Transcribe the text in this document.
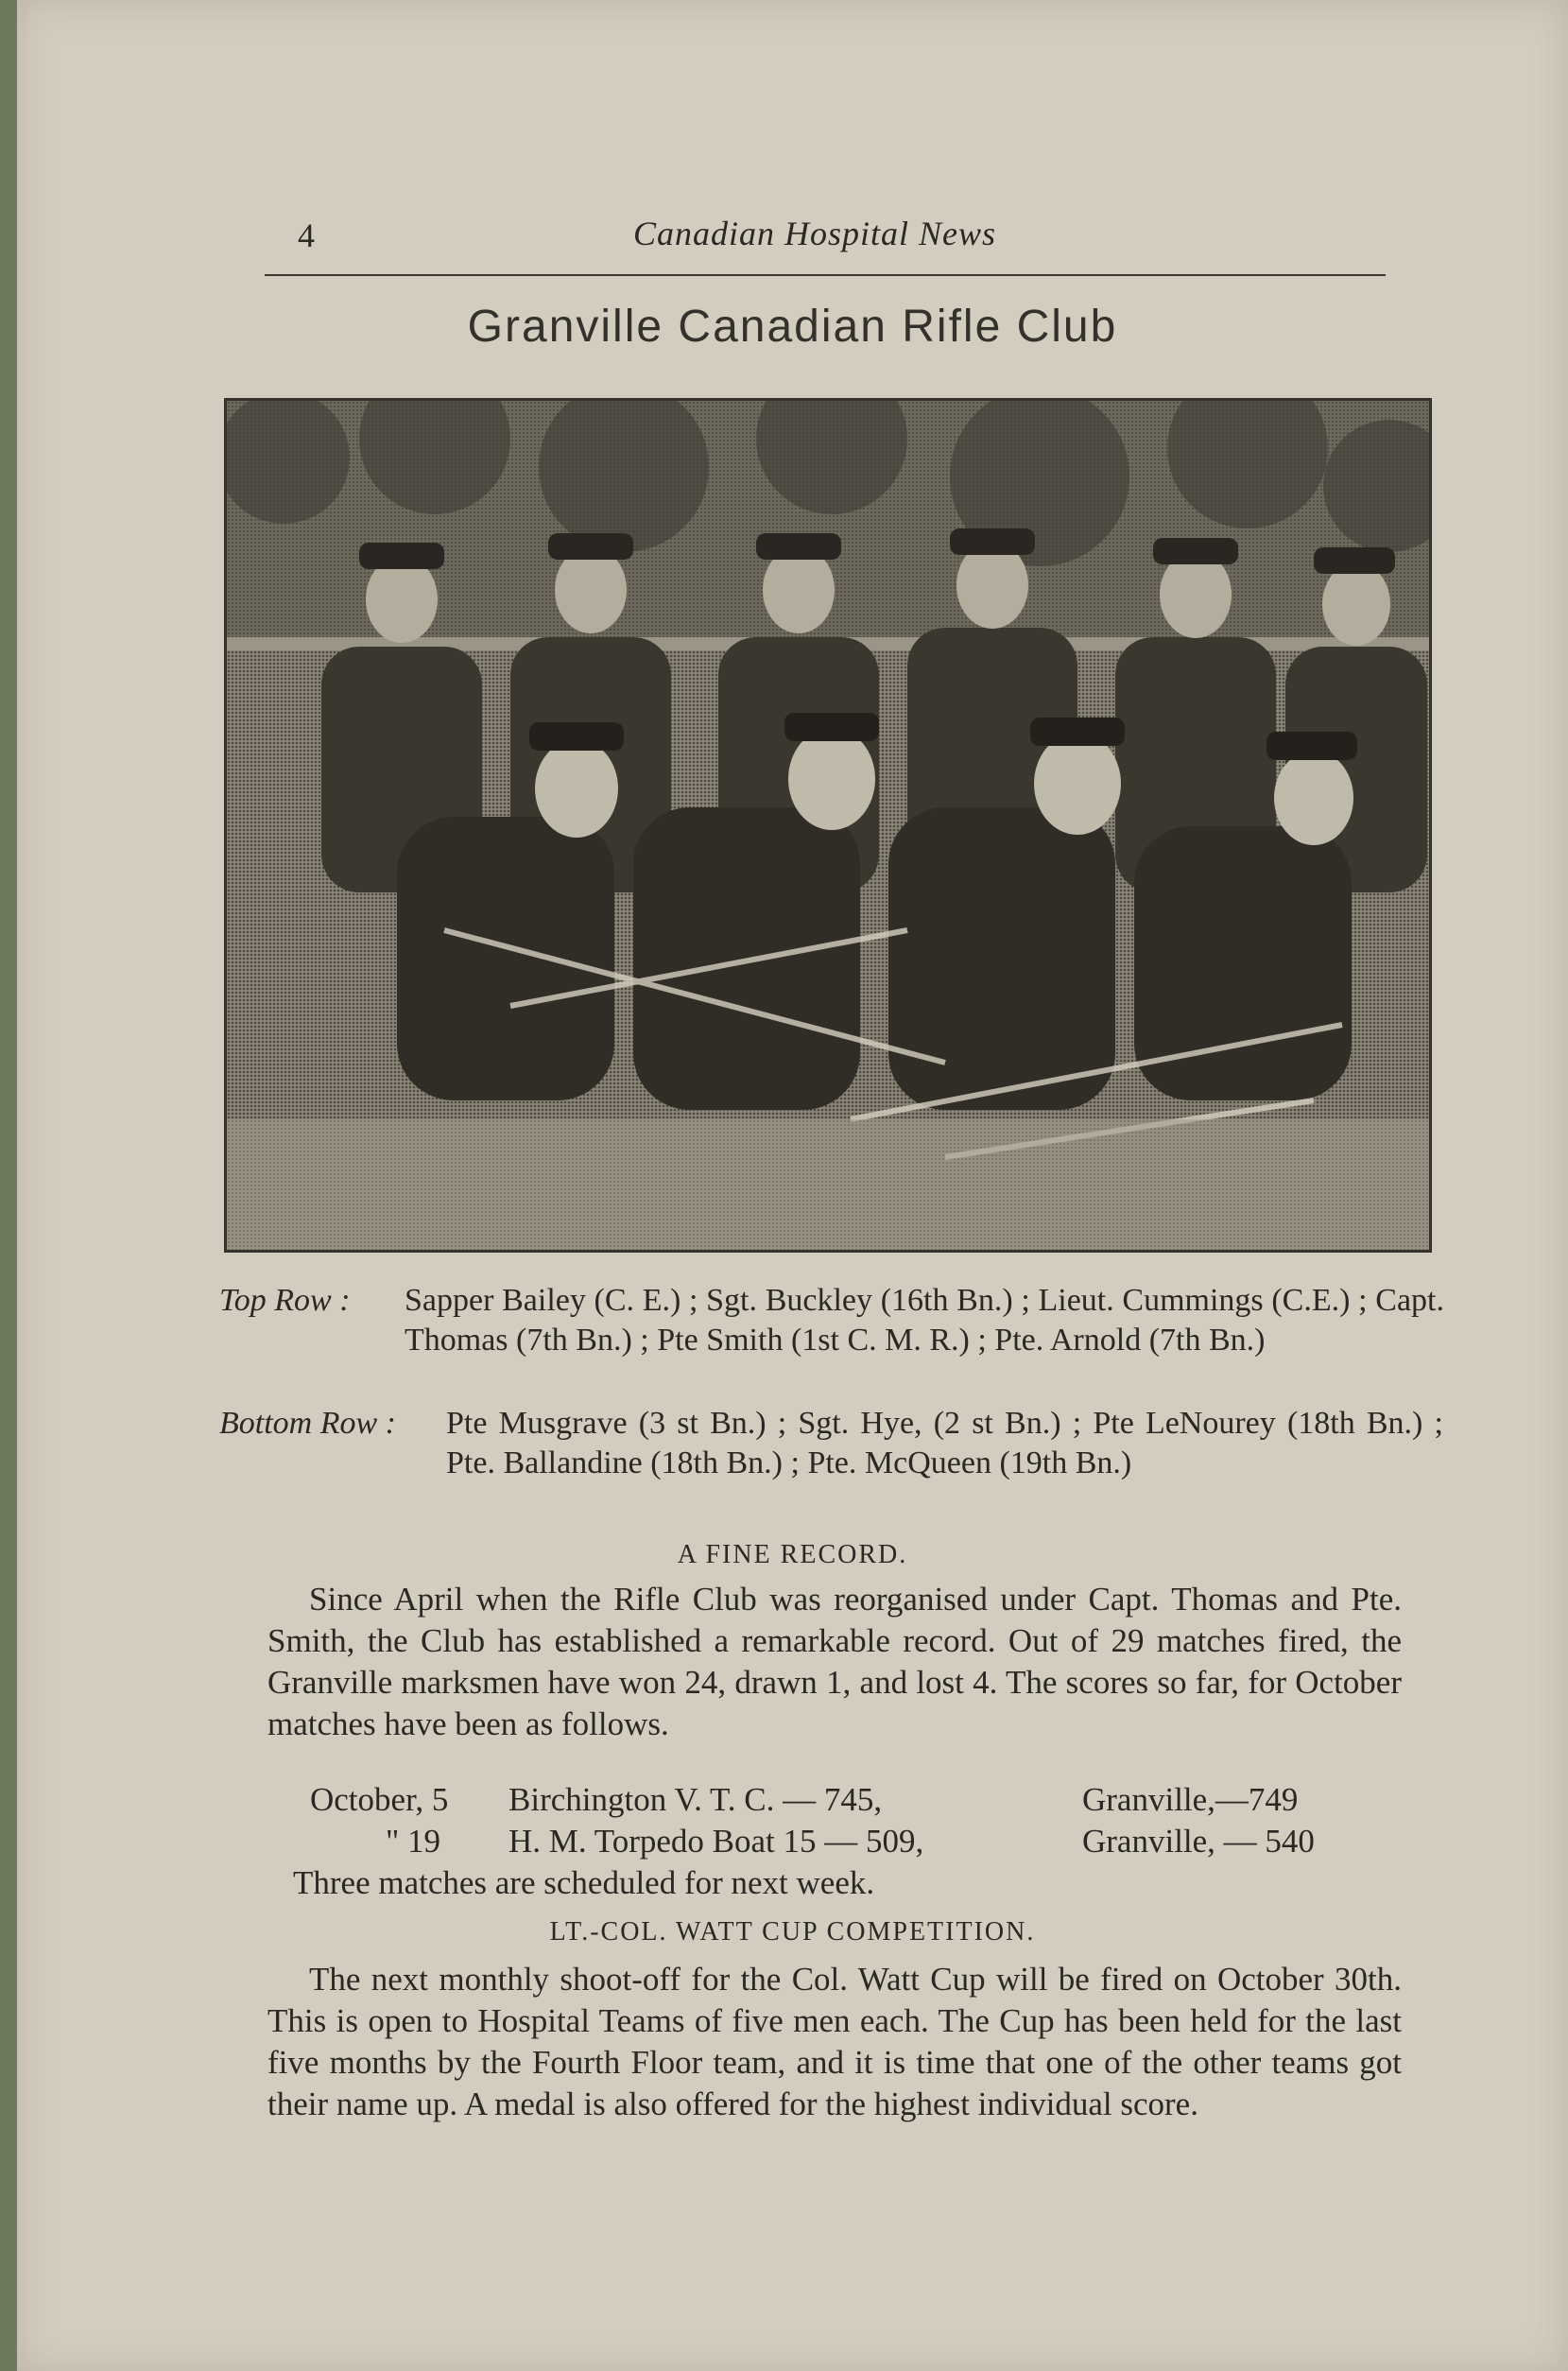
4	Canadian Hospital News
Granville Canadian Rifle Club
Top Row : Sapper Bailey (C. E.) ; Sgt. Buckley (16th Bn.) ; Lieut. Cummings (C.E.) ; Capt. Thomas (7th Bn.) ; Pte Smith (1st C. M. R.) ; Pte. Arnold (7th Bn.)
Bottom Row : Pte Musgrave (3 st Bn.) ; Sgt. Hye, (2 st Bn.) ; Pte LeNourey (18th Bn.) ; Pte. Ballandine (18th Bn.) ; Pte. McQueen (19th Bn.)
A FINE RECORD.
Since April when the Rifle Club was reorganised under Capt. Thomas and Pte. Smith, the Club has established a remarkable record. Out of 29 matches fired, the Granville marksmen have won 24, drawn 1, and lost 4. The scores so far, for October matches have been as follows.
October, 5 Birchington V. T. C. — 745,	Granville,—749
" 19 H. M. Torpedo Boat 15 — 509,	Granville, — 540
Three matches are scheduled for next week.
LT.-COL. WATT CUP COMPETITION.
The next monthly shoot-off for the Col. Watt Cup will be fired on October 30th. This is open to Hospital Teams of five men each. The Cup has been held for the last five months by the Fourth Floor team, and it is time that one of the other teams got their name up. A medal is also offered for the highest individual score.
